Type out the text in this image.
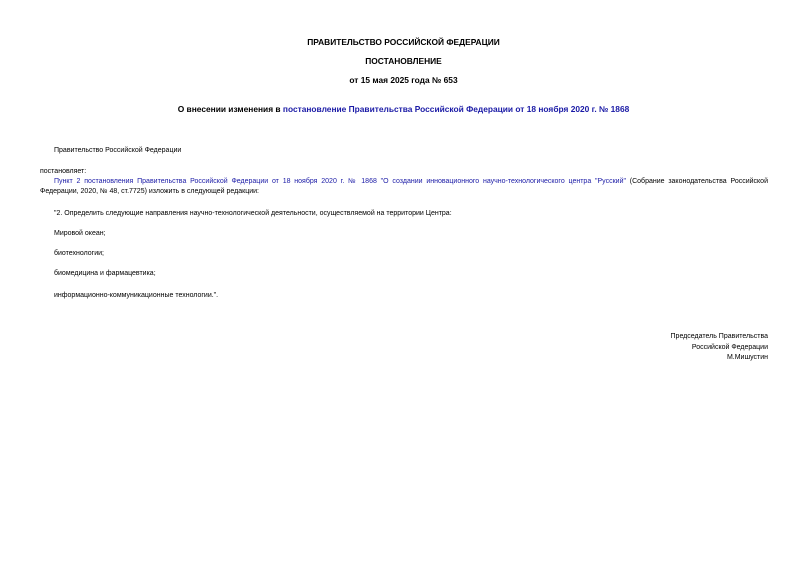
ПРАВИТЕЛЬСТВО РОССИЙСКОЙ ФЕДЕРАЦИИ
ПОСТАНОВЛЕНИЕ
от 15 мая 2025 года № 653
О внесении изменения в постановление Правительства Российской Федерации от 18 ноября 2020 г. № 1868
Правительство Российской Федерации
постановляет:
Пункт 2 постановления Правительства Российской Федерации от 18 ноября 2020 г. № 1868 "О создании инновационного научно-технологического центра "Русский" (Собрание законодательства Российской
Федерации, 2020, № 48, ст.7725) изложить в следующей редакции:
"2. Определить следующие направления научно-технологической деятельности, осуществляемой на территории Центра:
Мировой океан;
биотехнологии;
биомедицина и фармацевтика;
информационно-коммуникационные технологии.".
Председатель Правительства
Российской Федерации
М.Мишустин
